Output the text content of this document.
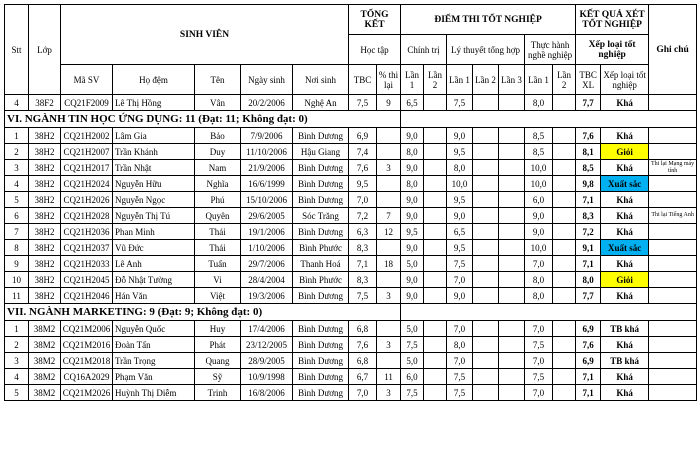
Stt	Lớp	SINH VIÊN					TỔNG KẾT		ĐIỂM THI TỐT NGHIỆP							KẾT QUẢ XÉT TỐT NGHIỆP		Ghi chú
							Học tập		Chính trị		Lý thuyết tổng hợp			Thực hành nghề nghiệp		Xếp loại tốt nghiệp		
		Mã SV	Họ đệm	Tên	Ngày sinh	Nơi sinh	TBC	% thi lại	Lần 1	Lần 2	Lần 1	Lần 2	Lần 3	Lần 1	Lần 2	TBC XL	Xếp loại tốt nghiệp	
4	38F2	CQ21F2009	Lê Thị Hồng	Vân	20/2/2006	Nghệ An	7,5	9	6,5		7,5			8,0		7,7	Khá	
VI. NGÀNH TIN HỌC ỨNG DỤNG: 11 (Đạt: 11; Không đạt: 0)																		
1	38H2	CQ21H2002	Lâm Gia	Bảo	7/9/2006	Bình Dương	6,9		9,0		9,0			8,5		7,6	Khá	
2	38H2	CQ21H2007	Trần Khánh	Duy	11/10/2006	Hậu Giang	7,4		8,0		9,5			8,5		8,1	Giỏi	
3	38H2	CQ21H2017	Trần Nhật	Nam	21/9/2006	Bình Dương	7,6	3	9,0		8,0			10,0		8,5	Khá	Thi lại Mạng máy tính
4	38H2	CQ21H2024	Nguyễn Hữu	Nghĩa	16/6/1999	Bình Dương	9,5		8,0		10,0			10,0		9,8	Xuất sắc	
5	38H2	CQ21H2026	Nguyễn Ngọc	Phú	15/10/2006	Bình Dương	7,0		9,0		9,5			6,0		7,1	Khá	
6	38H2	CQ21H2028	Nguyễn Thị Tú	Quyên	29/6/2005	Sóc Trăng	7,2	7	9,0		9,0			9,0		8,3	Khá	Thi lại Tiếng Anh
7	38H2	CQ21H2036	Phan Minh	Thái	19/1/2006	Bình Dương	6,3	12	9,5		6,5			9,0		7,2	Khá	
8	38H2	CQ21H2037	Vũ Đức	Thái	1/10/2006	Bình Phước	8,3		9,0		9,5			10,0		9,1	Xuất sắc	
9	38H2	CQ21H2033	Lê Anh	Tuấn	29/7/2006	Thanh Hoá	7,1	18	5,0		7,5			7,0		7,1	Khá	
10	38H2	CQ21H2045	Đỗ Nhật Tường	Vi	28/4/2004	Bình Phước	8,3		9,0		7,0			8,0		8,0	Giỏi	
11	38H2	CQ21H2046	Hán Văn	Việt	19/3/2006	Bình Dương	7,5	3	9,0		9,0			8,0		7,7	Khá	
VII. NGÀNH MARKETING: 9 (Đạt: 9; Không đạt: 0)																		
1	38M2	CQ21M2006	Nguyễn Quốc	Huy	17/4/2006	Bình Dương	6,8		5,0		7,0			7,0		6,9	TB khá	
2	38M2	CQ21M2016	Đoàn Tấn	Phát	23/12/2005	Bình Dương	7,6	3	7,5		8,0			7,5		7,6	Khá	
3	38M2	CQ21M2018	Trần Trọng	Quang	28/9/2005	Bình Dương	6,8		5,0		7,0			7,0		6,9	TB khá	
4	38M2	CQ16A2029	Phạm Văn	Sỹ	10/9/1998	Bình Dương	6,7	11	6,0		7,5			7,5		7,1	Khá	
5	38M2	CQ21M2026	Huỳnh Thị Diễm	Trinh	16/8/2006	Bình Dương	7,0	3	7,5		7,5			7,0		7,1	Khá	
